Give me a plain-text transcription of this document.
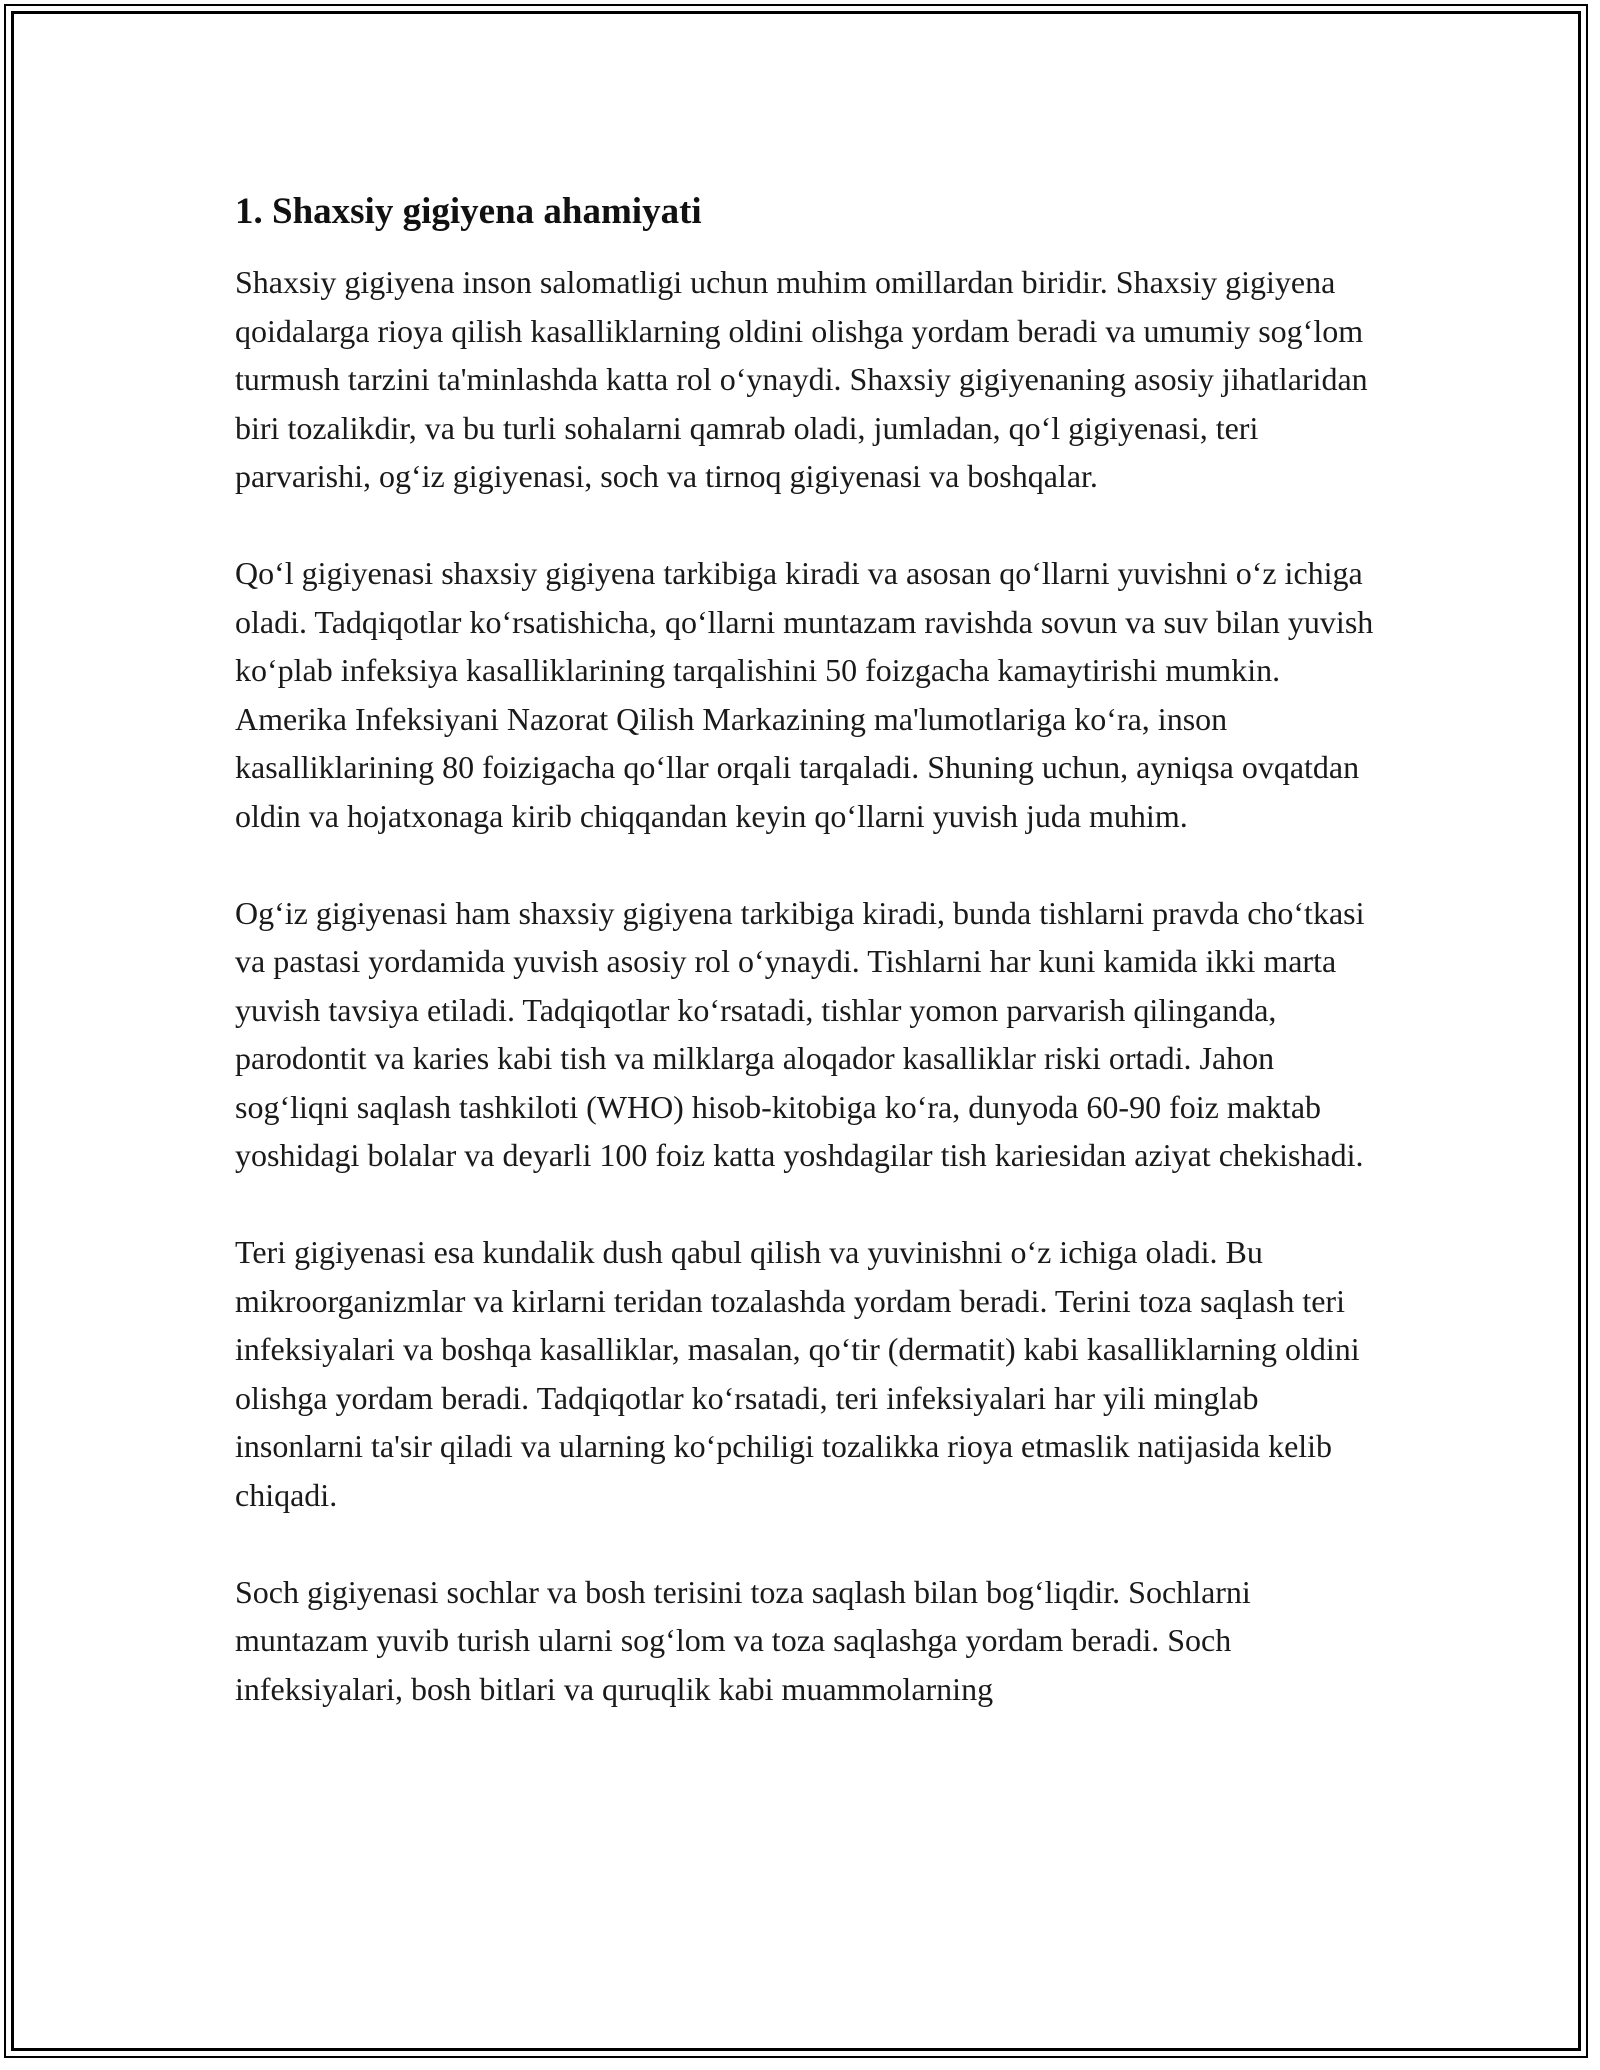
1. Shaxsiy gigiyena ahamiyati

Shaxsiy gigiyena inson salomatligi uchun muhim omillardan biridir. Shaxsiy gigiyena qoidalarga rioya qilish kasalliklarning oldini olishga yordam beradi va umumiy sog‘lom turmush tarzini ta'minlashda katta rol o‘ynaydi. Shaxsiy gigiyenaning asosiy jihatlaridan biri tozalikdir, va bu turli sohalarni qamrab oladi, jumladan, qo‘l gigiyenasi, teri parvarishi, og‘iz gigiyenasi, soch va tirnoq gigiyenasi va boshqalar.

Qo‘l gigiyenasi shaxsiy gigiyena tarkibiga kiradi va asosan qo‘llarni yuvishni o‘z ichiga oladi. Tadqiqotlar ko‘rsatishicha, qo‘llarni muntazam ravishda sovun va suv bilan yuvish ko‘plab infeksiya kasalliklarining tarqalishini 50 foizgacha kamaytirishi mumkin. Amerika Infeksiyani Nazorat Qilish Markazining ma'lumotlariga ko‘ra, inson kasalliklarining 80 foizigacha qo‘llar orqali tarqaladi. Shuning uchun, ayniqsa ovqatdan oldin va hojatxonaga kirib chiqqandan keyin qo‘llarni yuvish juda muhim.

Og‘iz gigiyenasi ham shaxsiy gigiyena tarkibiga kiradi, bunda tishlarni pravda cho‘tkasi va pastasi yordamida yuvish asosiy rol o‘ynaydi. Tishlarni har kuni kamida ikki marta yuvish tavsiya etiladi. Tadqiqotlar ko‘rsatadi, tishlar yomon parvarish qilinganda, parodontit va karies kabi tish va milklarga aloqador kasalliklar riski ortadi. Jahon sog‘liqni saqlash tashkiloti (WHO) hisob-kitobiga ko‘ra, dunyoda 60-90 foiz maktab yoshidagi bolalar va deyarli 100 foiz katta yoshdagilar tish kariesidan aziyat chekishadi.

Teri gigiyenasi esa kundalik dush qabul qilish va yuvinishni o‘z ichiga oladi. Bu mikroorganizmlar va kirlarni teridan tozalashda yordam beradi. Terini toza saqlash teri infeksiyalari va boshqa kasalliklar, masalan, qo‘tir (dermatit) kabi kasalliklarning oldini olishga yordam beradi. Tadqiqotlar ko‘rsatadi, teri infeksiyalari har yili minglab insonlarni ta'sir qiladi va ularning ko‘pchiligi tozalikka rioya etmaslik natijasida kelib chiqadi.

Soch gigiyenasi sochlar va bosh terisini toza saqlash bilan bog‘liqdir. Sochlarni muntazam yuvib turish ularni sog‘lom va toza saqlashga yordam beradi. Soch infeksiyalari, bosh bitlari va quruqlik kabi muammolarning
